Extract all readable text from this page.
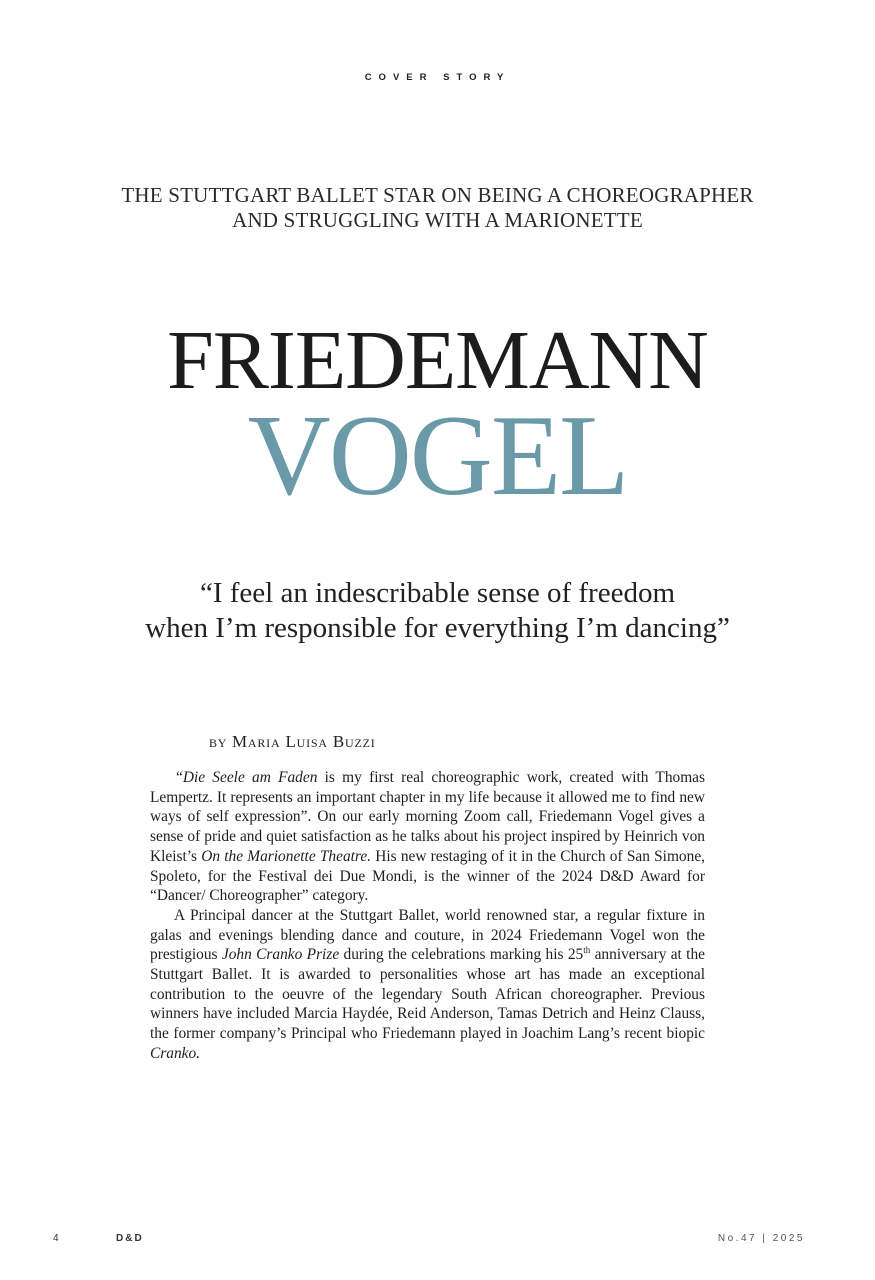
COVER STORY
THE STUTTGART BALLET STAR ON BEING A CHOREOGRAPHER
AND STRUGGLING WITH A MARIONETTE
FRIEDEMANN
VOGEL
“I feel an indescribable sense of freedom
when I’m responsible for everything I’m dancing”
by Maria Luisa Buzzi

“Die Seele am Faden is my first real choreographic work, created with Thomas Lempertz. It represents an important chapter in my life because it allowed me to find new ways of self expression”. On our early morning Zoom call, Friedemann Vogel gives a sense of pride and quiet satisfaction as he talks about his project inspired by Heinrich von Kleist’s On the Marionette Theatre. His new restaging of it in the Church of San Simone, Spoleto, for the Festival dei Due Mondi, is the winner of the 2024 D&D Award for “Dancer/ Choreographer” category.

A Principal dancer at the Stuttgart Ballet, world renowned star, a regular fixture in galas and evenings blending dance and couture, in 2024 Friedemann Vogel won the prestigious John Cranko Prize during the celebrations marking his 25th anniversary at the Stuttgart Ballet. It is awarded to personalities whose art has made an exceptional contribution to the oeuvre of the legendary South African choreographer. Previous winners have included Marcia Haydée, Reid Anderson, Tamas Detrich and Heinz Clauss, the former company’s Principal who Friedemann played in Joachim Lang’s recent biopic Cranko.

4	D&D	No.47 | 2025
